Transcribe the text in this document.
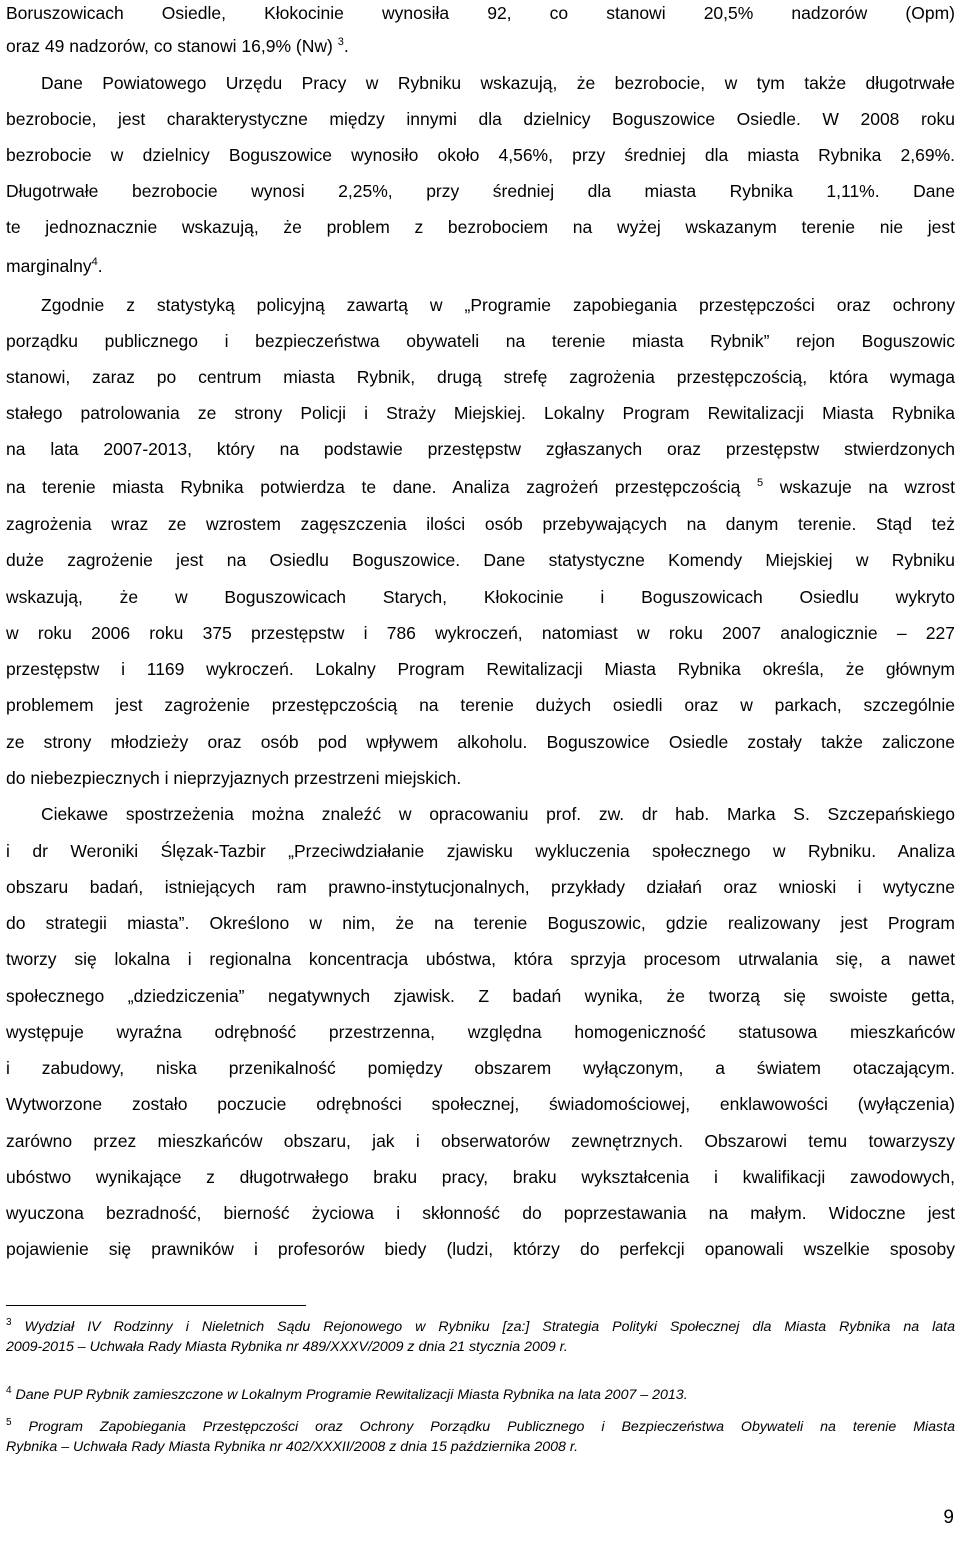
Boruszowicach Osiedle, Kłokocinie wynosiła 92, co stanowi 20,5% nadzorów (Opm)
oraz 49 nadzorów, co stanowi 16,9% (Nw) $^3$.
Dane Powiatowego Urzędu Pracy w Rybniku wskazują, że bezrobocie, w tym także długotrwałe
bezrobocie, jest charakterystyczne między innymi dla dzielnicy Boguszowice Osiedle. W 2008 roku
bezrobocie w dzielnicy Boguszowice wynosiło około 4,56%, przy średniej dla miasta Rybnika 2,69%.
Długotrwałe bezrobocie wynosi 2,25%, przy średniej dla miasta Rybnika 1,11%. Dane
te jednoznacznie wskazują, że problem z bezrobociem na wyżej wskazanym terenie nie jest
marginalny$^4$.
Zgodnie z statystyką policyjną zawartą w „Programie zapobiegania przestępczości oraz ochrony
porządku publicznego i bezpieczeństwa obywateli na terenie miasta Rybnik” rejon Boguszowic
stanowi, zaraz po centrum miasta Rybnik, drugą strefę zagrożenia przestępczością, która wymaga
stałego patrolowania ze strony Policji i Straży Miejskiej. Lokalny Program Rewitalizacji Miasta Rybnika
na lata 2007-2013, który na podstawie przestępstw zgłaszanych oraz przestępstw stwierdzonych
na terenie miasta Rybnika potwierdza te dane. Analiza zagrożeń przestępczością $^5$ wskazuje na wzrost
zagrożenia wraz ze wzrostem zagęszczenia ilości osób przebywających na danym terenie. Stąd też
duże zagrożenie jest na Osiedlu Boguszowice. Dane statystyczne Komendy Miejskiej w Rybniku
wskazują, że w Boguszowicach Starych, Kłokocinie i Boguszowicach Osiedlu wykryto
w roku 2006 roku 375 przestępstw i 786 wykroczeń, natomiast w roku 2007 analogicznie – 227
przestępstw i 1169 wykroczeń. Lokalny Program Rewitalizacji Miasta Rybnika określa, że głównym
problemem jest zagrożenie przestępczością na terenie dużych osiedli oraz w parkach, szczególnie
ze strony młodzieży oraz osób pod wpływem alkoholu. Boguszowice Osiedle zostały także zaliczone
do niebezpiecznych i nieprzyjaznych przestrzeni miejskich.
Ciekawe spostrzeżenia można znaleźć w opracowaniu prof. zw. dr hab. Marka S. Szczepańskiego
i dr Weroniki Ślęzak-Tazbir „Przeciwdziałanie zjawisku wykluczenia społecznego w Rybniku. Analiza
obszaru badań, istniejących ram prawno-instytucjonalnych, przykłady działań oraz wnioski i wytyczne
do strategii miasta”. Określono w nim, że na terenie Boguszowic, gdzie realizowany jest Program
tworzy się lokalna i regionalna koncentracja ubóstwa, która sprzyja procesom utrwalania się, a nawet
społecznego „dziedziczenia” negatywnych zjawisk. Z badań wynika, że tworzą się swoiste getta,
występuje wyraźna odrębność przestrzenna, względna homogeniczność statusowa mieszkańców
i zabudowy, niska przenikalność pomiędzy obszarem wyłączonym, a światem otaczającym.
Wytworzone zostało poczucie odrębności społecznej, świadomościowej, enklawowości (wyłączenia)
zarówno przez mieszkańców obszaru, jak i obserwatorów zewnętrznych. Obszarowi temu towarzyszy
ubóstwo wynikające z długotrwałego braku pracy, braku wykształcenia i kwalifikacji zawodowych,
wyuczona bezradność, bierność życiowa i skłonność do poprzestawania na małym. Widoczne jest
pojawienie się prawników i profesorów biedy (ludzi, którzy do perfekcji opanowali wszelkie sposoby
$^3$ Wydział IV Rodzinny i Nieletnich Sądu Rejonowego w Rybniku [za:] Strategia Polityki Społecznej dla Miasta Rybnika na lata
2009-2015 – Uchwała Rady Miasta Rybnika nr 489/XXXV/2009 z dnia 21 stycznia 2009 r.
$^4$ Dane PUP Rybnik zamieszczone w Lokalnym Programie Rewitalizacji Miasta Rybnika na lata 2007 – 2013.
$^5$ Program Zapobiegania Przestępczości oraz Ochrony Porządku Publicznego i Bezpieczeństwa Obywateli na terenie Miasta
Rybnika – Uchwała Rady Miasta Rybnika nr 402/XXXII/2008 z dnia 15 października 2008 r.
9
